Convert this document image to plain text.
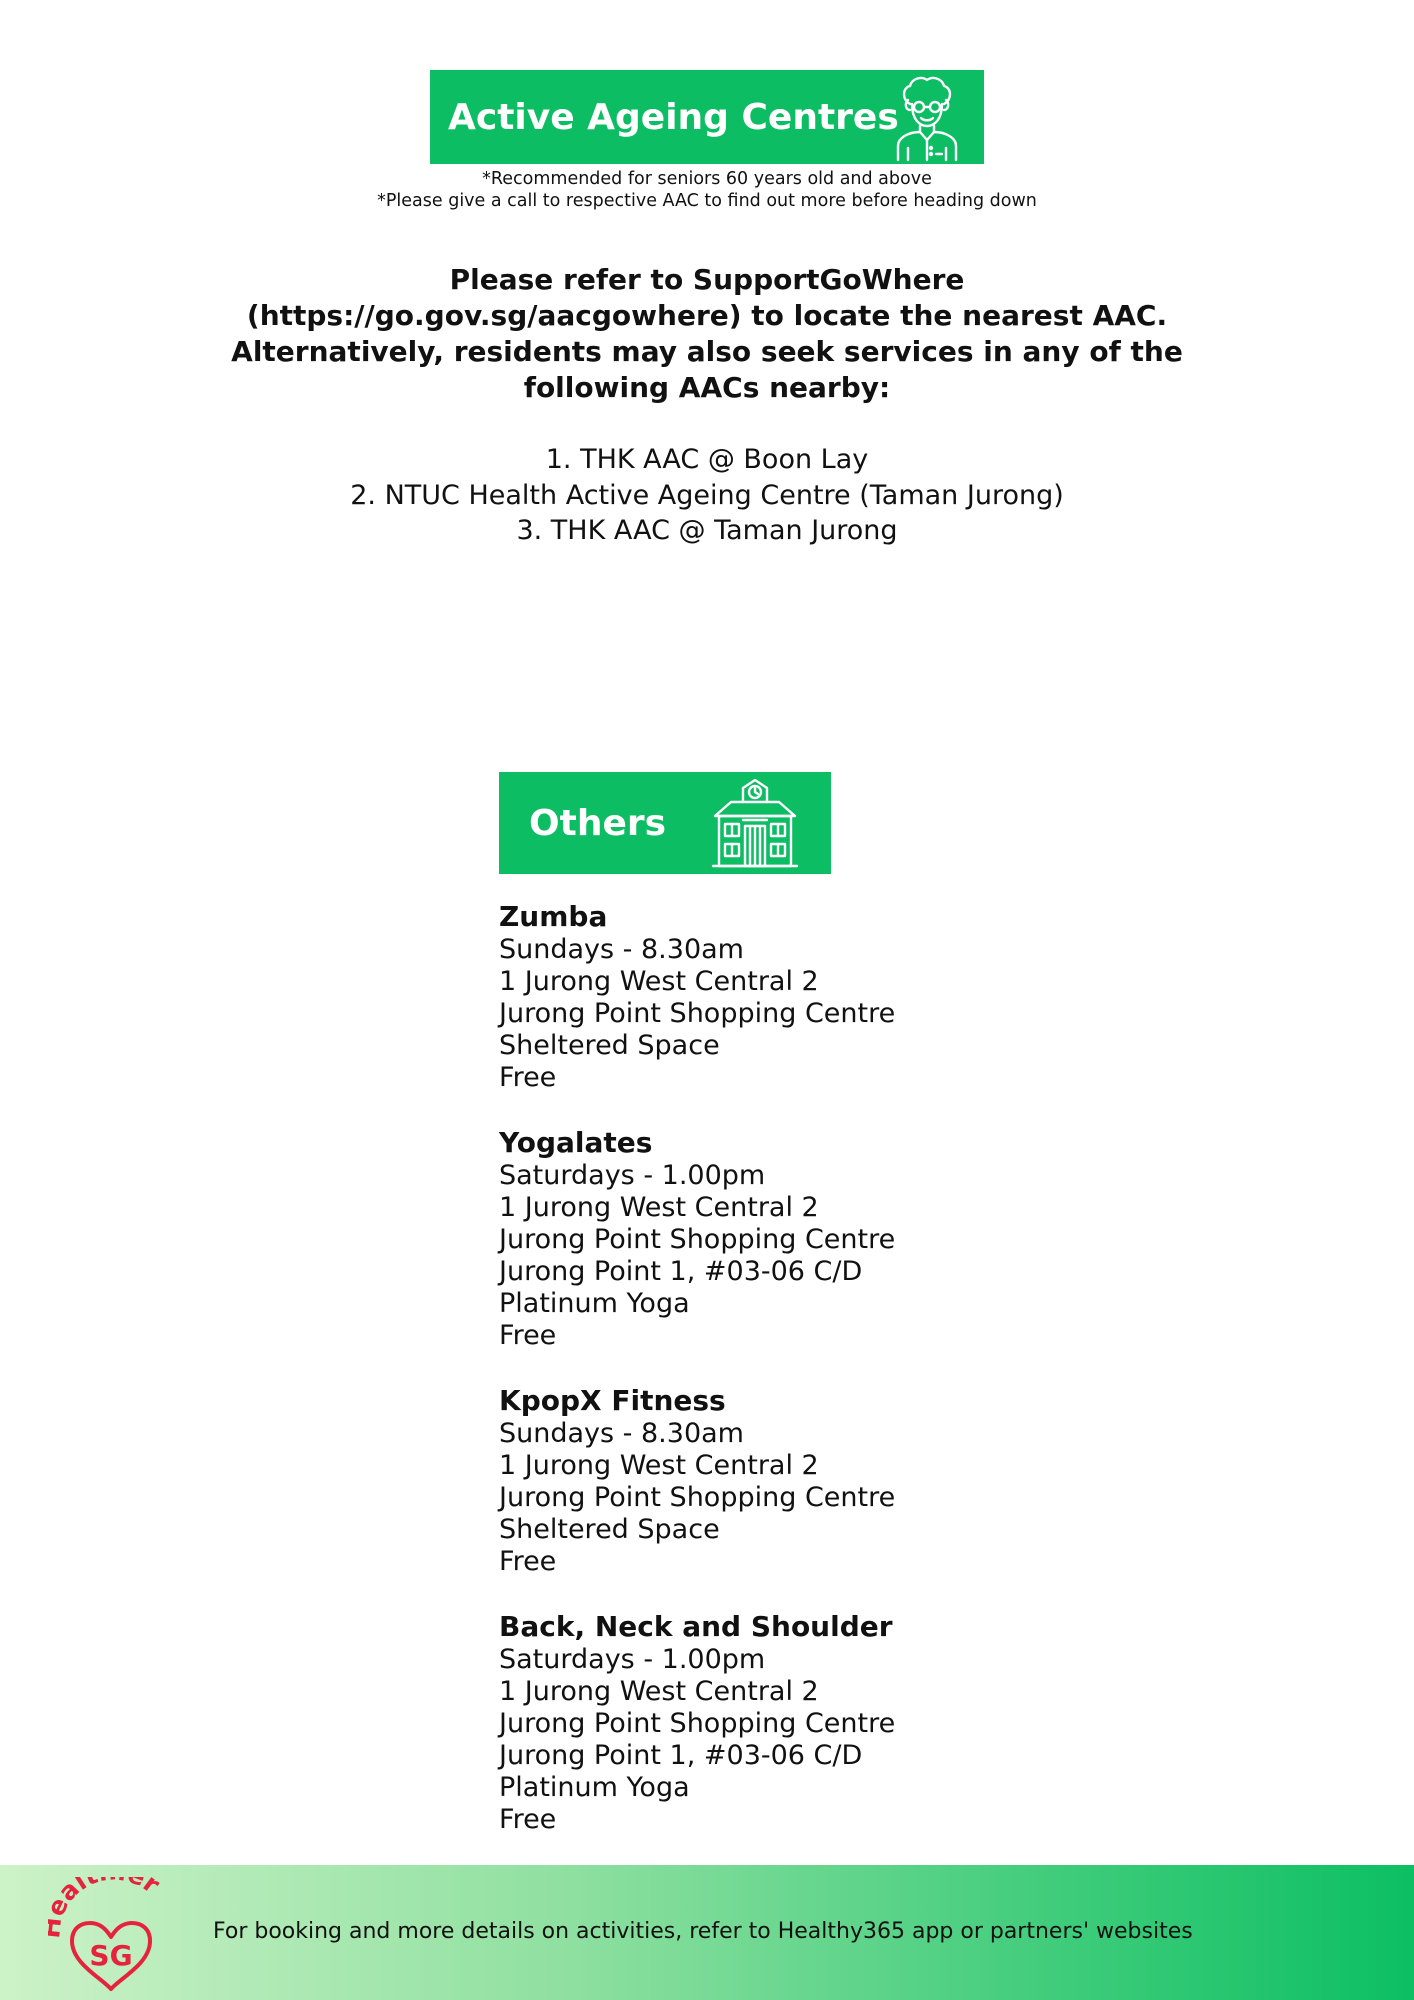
Active Ageing Centres
*Recommended for seniors 60 years old and above
*Please give a call to respective AAC to find out more before heading down
Please refer to SupportGoWhere
(https://go.gov.sg/aacgowhere) to locate the nearest AAC.
Alternatively, residents may also seek services in any of the
following AACs nearby:
1. THK AAC @ Boon Lay
2. NTUC Health Active Ageing Centre (Taman Jurong)
3. THK AAC @ Taman Jurong
Others
Zumba
Sundays - 8.30am
1 Jurong West Central 2
Jurong Point Shopping Centre
Sheltered Space
Free
Yogalates
Saturdays - 1.00pm
1 Jurong West Central 2
Jurong Point Shopping Centre
Jurong Point 1, #03-06 C/D
Platinum Yoga
Free
KpopX Fitness
Sundays - 8.30am
1 Jurong West Central 2
Jurong Point Shopping Centre
Sheltered Space
Free
Back, Neck and Shoulder
Saturdays - 1.00pm
1 Jurong West Central 2
Jurong Point Shopping Centre
Jurong Point 1, #03-06 C/D
Platinum Yoga
Free
al r
SG
For booking and more details on activities, refer to Healthy365 app or partners' websites
